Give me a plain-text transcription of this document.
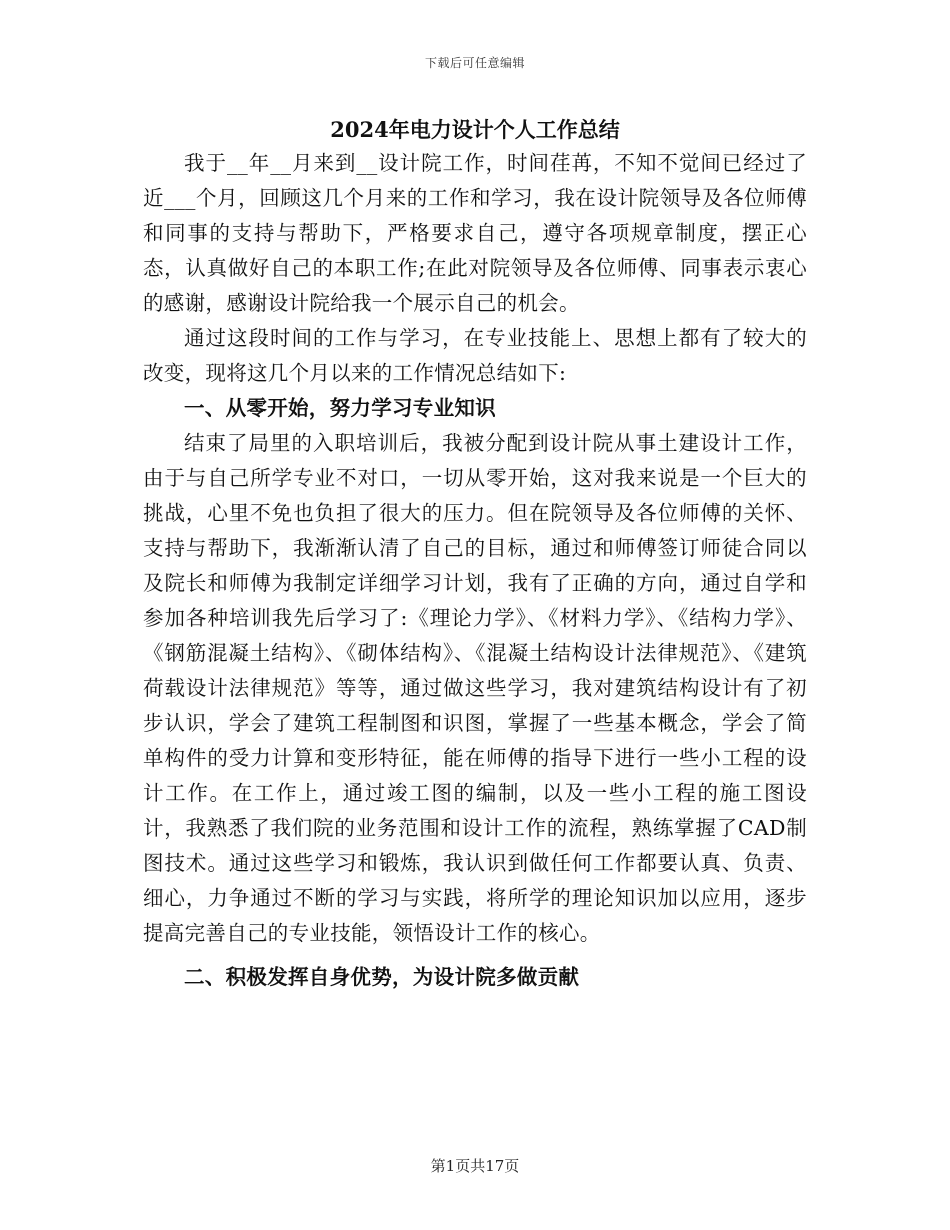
下载后可任意编辑
2024年电力设计个人工作总结

我于__年__月来到__设计院工作，时间荏苒，不知不觉间已经过了近___个月，回顾这几个月来的工作和学习，我在设计院领导及各位师傅和同事的支持与帮助下，严格要求自己，遵守各项规章制度，摆正心态，认真做好自己的本职工作;在此对院领导及各位师傅、同事表示衷心的感谢，感谢设计院给我一个展示自己的机会。

通过这段时间的工作与学习，在专业技能上、思想上都有了较大的改变，现将这几个月以来的工作情况总结如下:

一、从零开始，努力学习专业知识

结束了局里的入职培训后，我被分配到设计院从事土建设计工作，由于与自己所学专业不对口，一切从零开始，这对我来说是一个巨大的挑战，心里不免也负担了很大的压力。但在院领导及各位师傅的关怀、支持与帮助下，我渐渐认清了自己的目标，通过和师傅签订师徒合同以及院长和师傅为我制定详细学习计划，我有了正确的方向，通过自学和参加各种培训我先后学习了:《理论力学》、《材料力学》、《结构力学》、《钢筋混凝土结构》、《砌体结构》、《混凝土结构设计法律规范》、《建筑荷载设计法律规范》等等，通过做这些学习，我对建筑结构设计有了初步认识，学会了建筑工程制图和识图，掌握了一些基本概念，学会了简单构件的受力计算和变形特征，能在师傅的指导下进行一些小工程的设计工作。在工作上，通过竣工图的编制，以及一些小工程的施工图设计，我熟悉了我们院的业务范围和设计工作的流程，熟练掌握了CAD制图技术。通过这些学习和锻炼，我认识到做任何工作都要认真、负责、细心，力争通过不断的学习与实践，将所学的理论知识加以应用，逐步提高完善自己的专业技能，领悟设计工作的核心。

二、积极发挥自身优势，为设计院多做贡献

第1页共17页
